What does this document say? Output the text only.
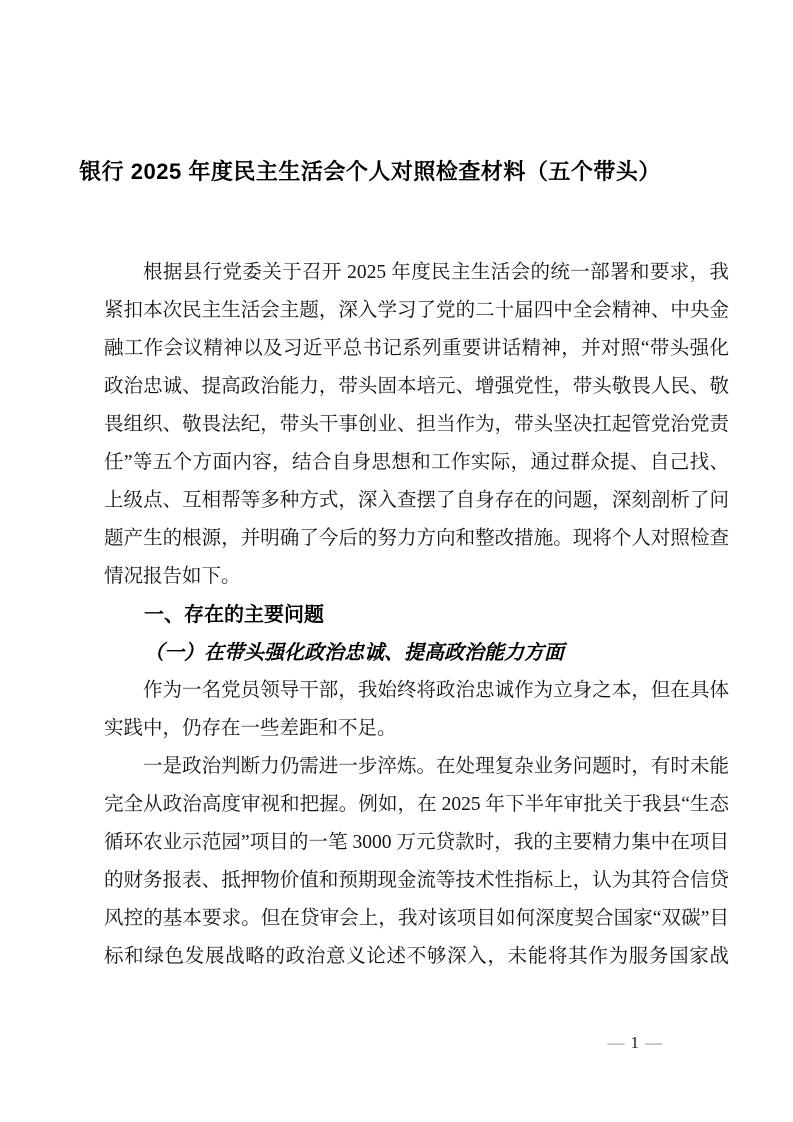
银行 2025 年度民主生活会个人对照检查材料（五个带头）

根据县行党委关于召开 2025 年度民主生活会的统一部署和要求，我紧扣本次民主生活会主题，深入学习了党的二十届四中全会精神、中央金融工作会议精神以及习近平总书记系列重要讲话精神，并对照“带头强化政治忠诚、提高政治能力，带头固本培元、增强党性，带头敬畏人民、敬畏组织、敬畏法纪，带头干事创业、担当作为，带头坚决扛起管党治党责任”等五个方面内容，结合自身思想和工作实际，通过群众提、自己找、上级点、互相帮等多种方式，深入查摆了自身存在的问题，深刻剖析了问题产生的根源，并明确了今后的努力方向和整改措施。现将个人对照检查情况报告如下。

一、存在的主要问题
（一）在带头强化政治忠诚、提高政治能力方面

作为一名党员领导干部，我始终将政治忠诚作为立身之本，但在具体实践中，仍存在一些差距和不足。

一是政治判断力仍需进一步淬炼。在处理复杂业务问题时，有时未能完全从政治高度审视和把握。例如，在 2025 年下半年审批关于我县“生态循环农业示范园”项目的一笔 3000 万元贷款时，我的主要精力集中在项目的财务报表、抵押物价值和预期现金流等技术性指标上，认为其符合信贷风控的基本要求。但在贷审会上，我对该项目如何深度契合国家“双碳”目标和绿色发展战略的政治意义论述不够深入，未能将其作为服务国家战

— 1 —
